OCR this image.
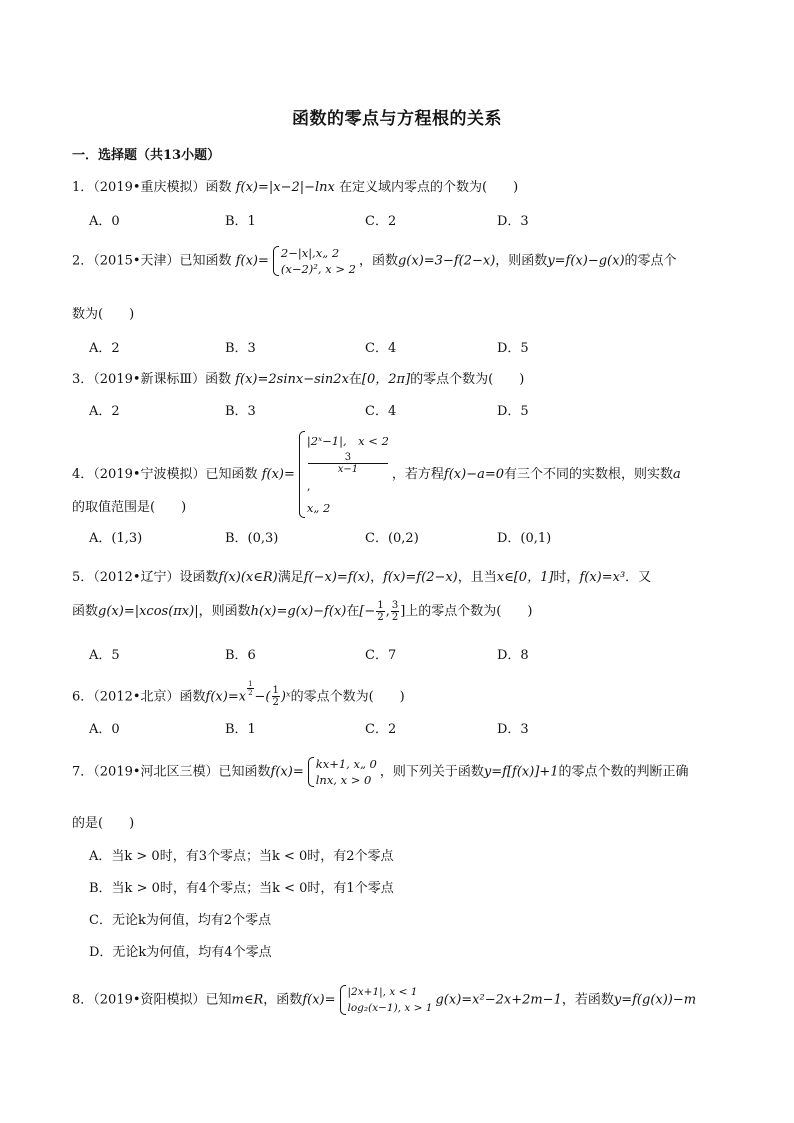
函数的零点与方程根的关系
一．选择题（共13小题）
1．（2019•重庆模拟）函数 f(x)=|x−2|−lnx 在定义域内零点的个数为(　　)
A．0	B．1	C．2	D．3
2．（2015•天津）已知函数 f(x)=
2−|x|,x„ 2
(x−2)², x > 2
，函数g(x)=3−f(2−x)，则函数y=f(x)−g(x)的零点个
数为(　　)
A．2	B．3	C．4	D．5
3．（2019•新课标Ⅲ）函数 f(x)=2sinx−sin2x在[0，2π]的零点个数为(　　)
A．2	B．3	C．4	D．5
4．（2019•宁波模拟）已知函数 f(x)=
|2ˣ−1|,　x < 2
3
x−1
,
x„ 2
，若方程f(x)−a=0有三个不同的实数根，则实数a
的取值范围是(　　)
A．(1,3)	B．(0,3)	C．(0,2)	D．(0,1)
5．（2012•辽宁）设函数f(x)(x∈R)满足f(−x)=f(x)，f(x)=f(2−x)，且当x∈[0，1]时，f(x)=x³．又
函数g(x)=|xcos(πx)|，则函数h(x)=g(x)−f(x)在[− $\frac{1}{2}$ , $\frac{3}{2}$ ]上的零点个数为(　　)
A．5	B．6	C．7	D．8
6．（2012•北京）函数$f(x)=x \frac{1}{2}$ −( $\frac{1}{2}$ )ˣ的零点个数为(　　)
A．0	B．1	C．2	D．3
7．（2019•河北区三模）已知函数f(x)=
kx+1, x„ 0
lnx, x > 0
，则下列关于函数y=f[f(x)]+1的零点个数的判断正确
的是(　　)
A．当k > 0时，有3个零点；当k < 0时，有2个零点
B．当k > 0时，有4个零点；当k < 0时，有1个零点
C．无论k为何值，均有2个零点
D．无论k为何值，均有4个零点
8．（2019•资阳模拟）已知m∈R，函数f(x)=
|2x+1|, x < 1
log₂(x−1), x > 1
g(x)=x²−2x+2m−1，若函数y=f(g(x))−m
